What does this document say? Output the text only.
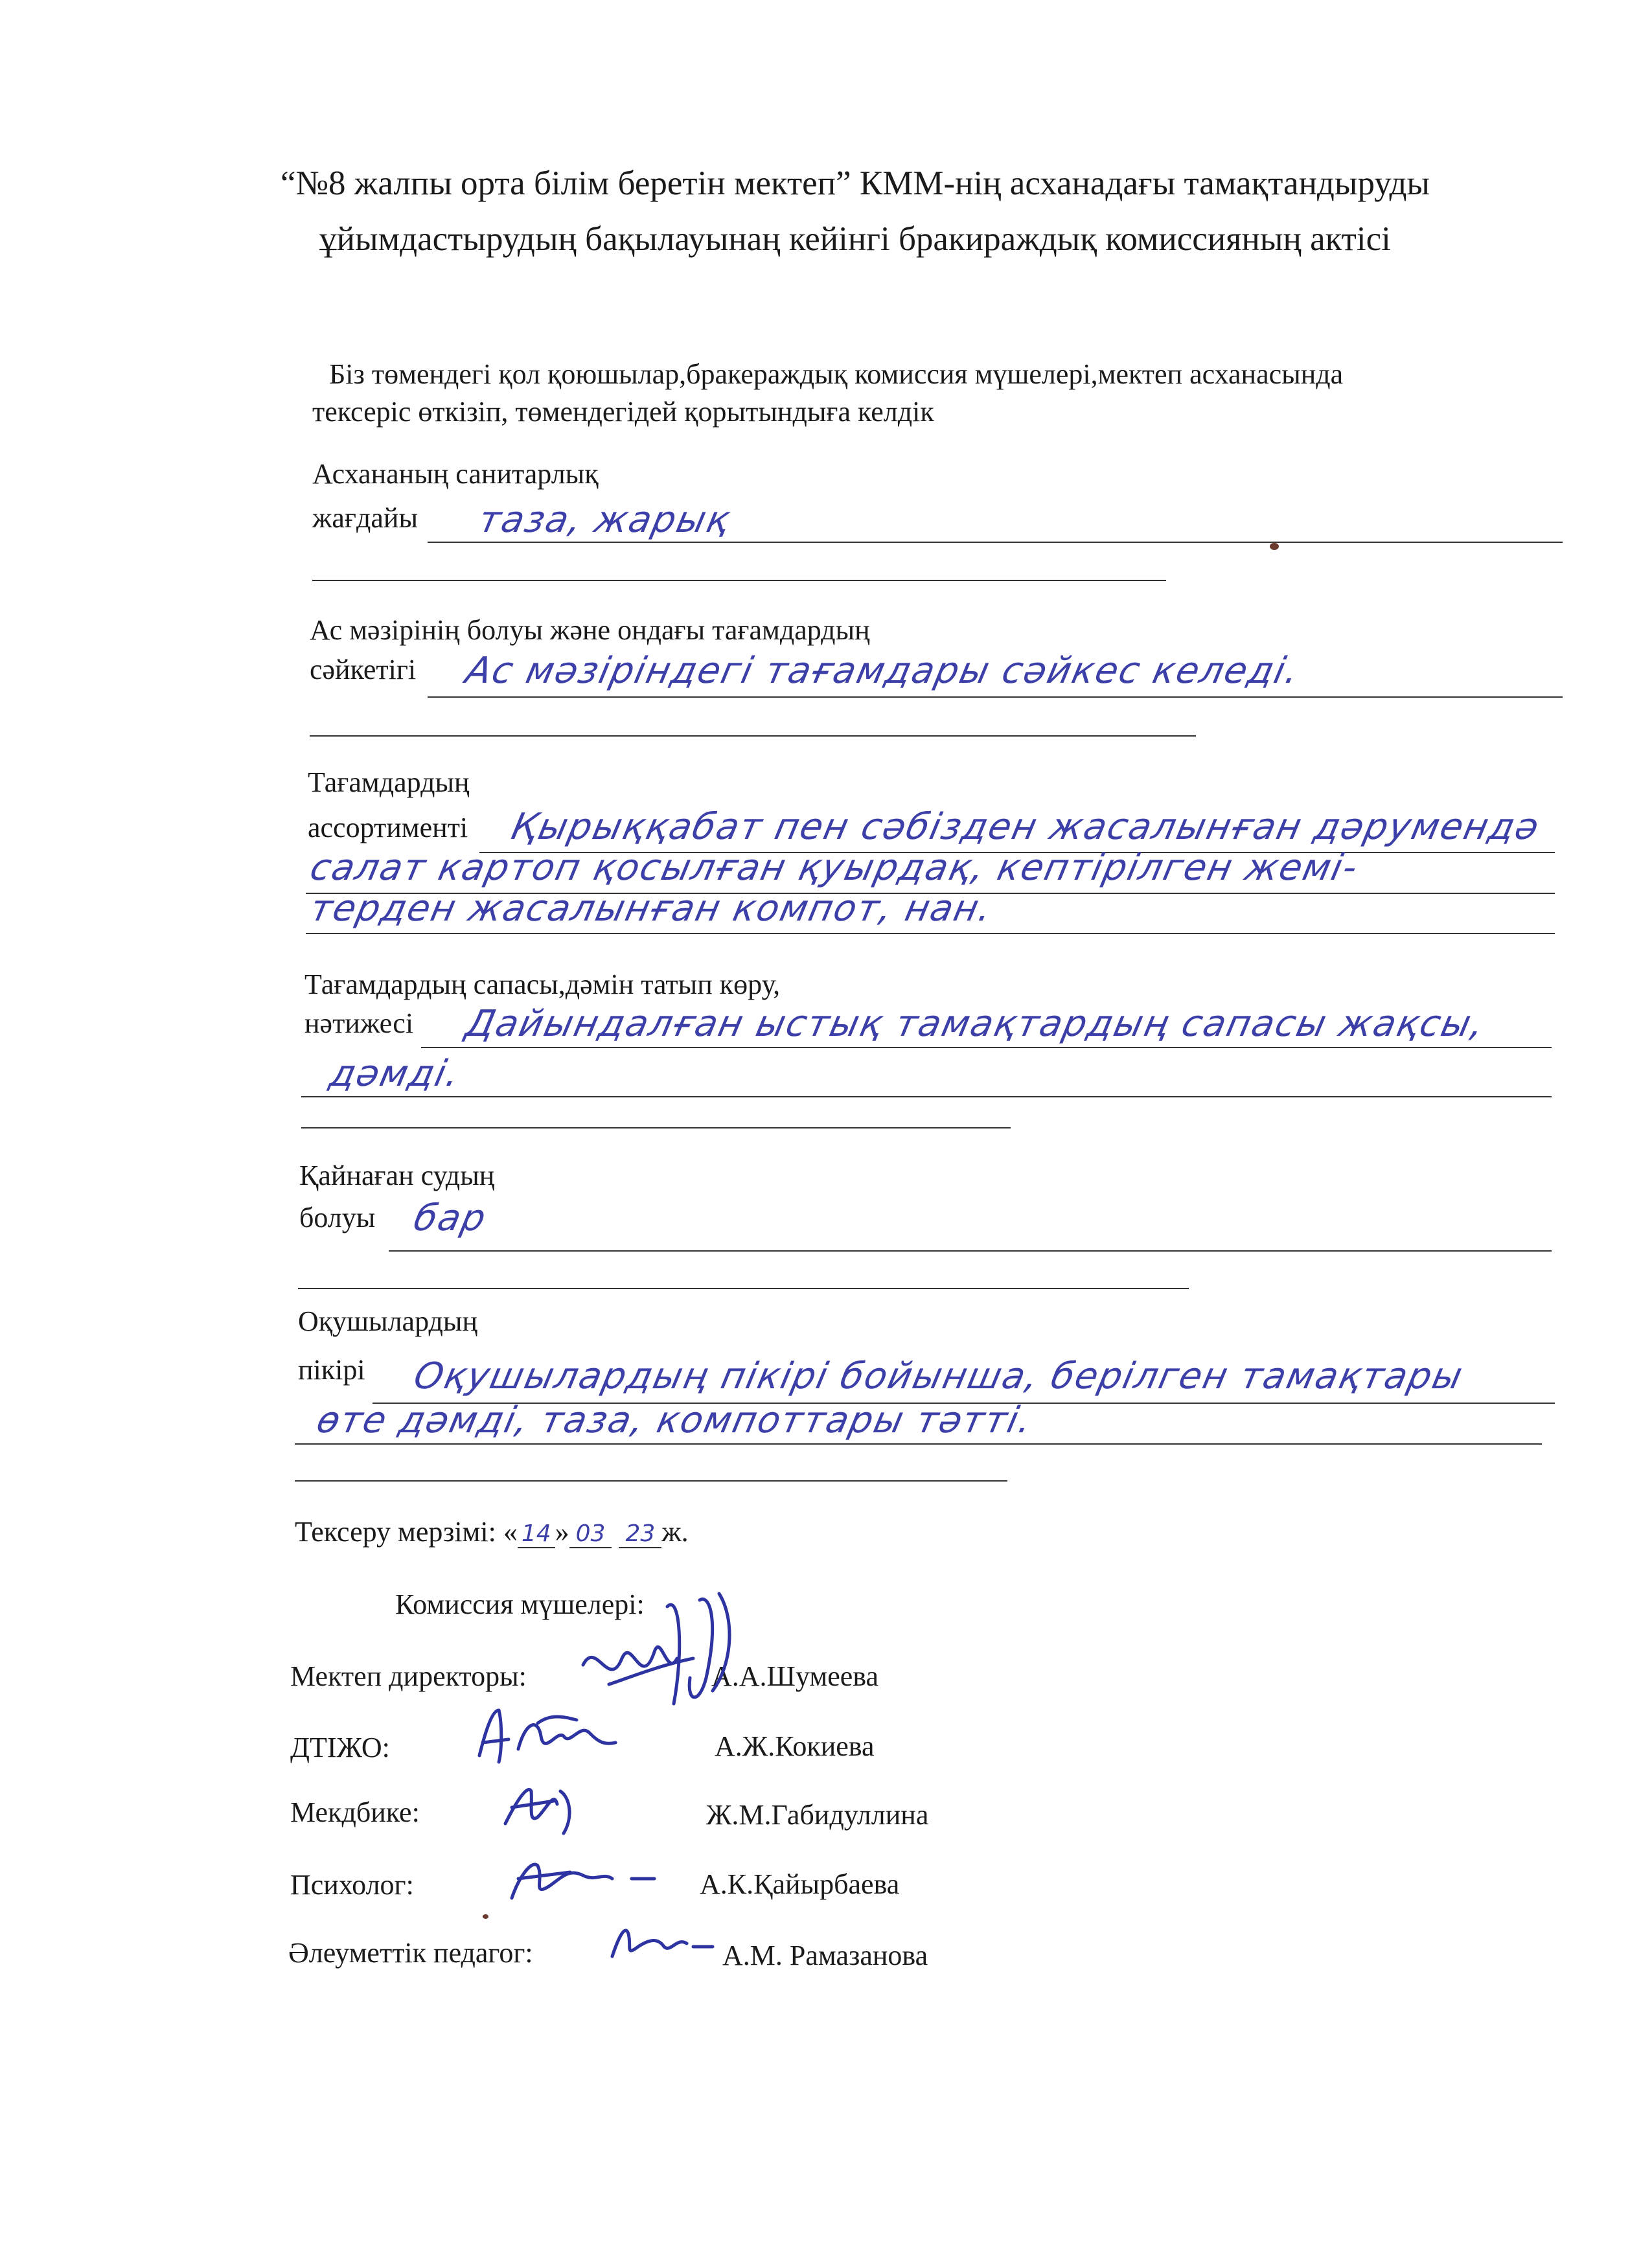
“№8 жалпы орта білім беретін мектеп” КММ-нің асханадағы тамақтандыруды ұйымдастырудың бақылауынаң кейінгі бракираждық комиссияның актісі
Біз төмендегі қол қоюшылар,бракераждық комиссия мүшелері,мектеп асханасында
тексеріс өткізіп, төмендегідей қорытындыға келдік
Асхананың санитарлық
жағдайы таза, жарық
Ас мәзірінің болуы және ондағы тағамдардың
сәйкетігі Ас мәзіріндегі тағамдары сәйкес келеді.
Тағамдардың
ассортименті Қырыққабат пен сәбізден жасалынған дәрумендә
салат картоп қосылған қуырдақ, кептірілген жемі-
терден жасалынған компот, нан.
Тағамдардың сапасы,дәмін татып көру,
нәтижесі Дайындалған ыстық тамақтардың сапасы жақсы,
дәмді.
Қайнаған судың
болуы бар
Оқушылардың
пікірі Оқушылардың пікірі бойынша, берілген тамақтары
өте дәмді, таза, компоттары тәтті.
Тексеру мерзімі: « 14 » 03 23 ж.
Комиссия мүшелері:
Мектеп директоры:	А.А.Шумеева
ДТІЖО:	А.Ж.Кокиева
Мекдбике:	Ж.М.Габидуллина
Психолог:	А.К.Қайырбаева
Әлеуметтік педагог:	А.М. Рамазанова
